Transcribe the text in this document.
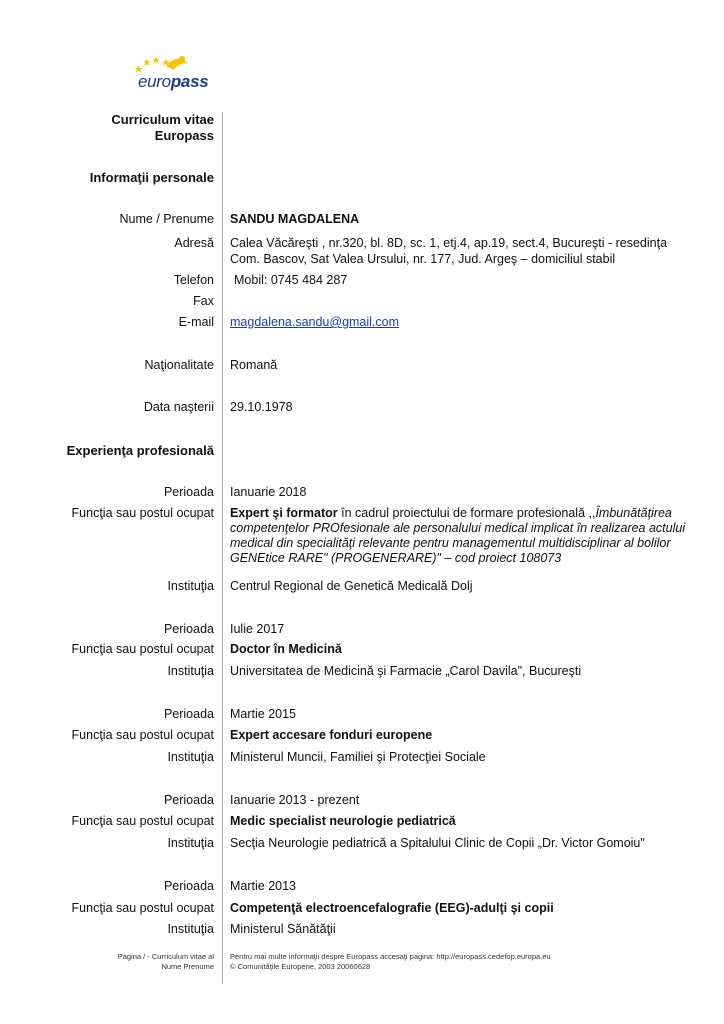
europass
Curriculum vitae
Europass
Informaţii personale
Nume / Prenume SANDU MAGDALENA
Adresă Calea Văcăreşti , nr.320, bl. 8D, sc. 1, etj.4, ap.19, sect.4, Bucureşti - resedinţa
Com. Bascov, Sat Valea Ursului, nr. 177, Jud. Argeş – domiciliul stabil
Telefon Mobil: 0745 484 287
Fax
E-mail magdalena.sandu@gmail.com
Naţionalitate Romană
Data naşterii 29.10.1978
Experienţa profesională
Perioada Ianuarie 2018
Funcţia sau postul ocupat Expert şi formator în cadrul proiectului de formare profesională ,,Îmbunătăţirea
competenţelor PROfesionale ale personalului medical implicat în realizarea actului
medical din specialităţi relevante pentru managementul multidisciplinar al bolilor
GENEtice RARE" (PROGENERARE)" – cod proiect 108073
Instituţia Centrul Regional de Genetică Medicală Dolj
Perioada Iulie 2017
Funcţia sau postul ocupat Doctor în Medicină
Instituţia Universitatea de Medicină şi Farmacie „Carol Davila", Bucureşti
Perioada Martie 2015
Funcţia sau postul ocupat Expert accesare fonduri europene
Instituţia Ministerul Muncii, Familiei şi Protecţiei Sociale
Perioada Ianuarie 2013 - prezent
Funcţia sau postul ocupat Medic specialist neurologie pediatrică
Instituţia Secţia Neurologie pediatrică a Spitalului Clinic de Copii „Dr. Victor Gomoiu"
Perioada Martie 2013
Funcţia sau postul ocupat Competenţă electroencefalografie (EEG)-adulţi şi copii
Instituţia Ministerul Sănătăţii
Pagina / - Curriculum vitae al
Nume Prenume
Pentru mai multe informaţii despre Europass accesaţi pagina: http://europass.cedefop.europa.eu
© Comunităţile Europene, 2003 20060628
